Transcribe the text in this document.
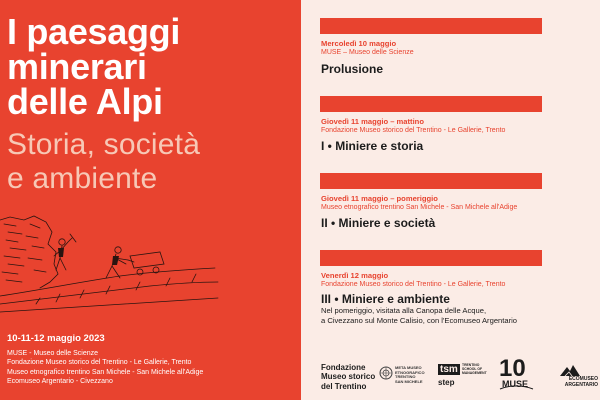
I paesaggi
minerari
delle Alpi
Storia, società
e ambiente
10-11-12 maggio 2023
MUSE - Museo delle Scienze
Fondazione Museo storico del Trentino - Le Gallerie, Trento
Museo etnografico trentino San Michele - San Michele all'Adige
Ecomuseo Argentario - Civezzano
Mercoledì 10 maggio
MUSE – Museo delle Scienze
Prolusione
Giovedì 11 maggio – mattino
Fondazione Museo storico del Trentino - Le Gallerie, Trento
I • Miniere e storia
Giovedì 11 maggio – pomeriggio
Museo etnografico trentino San Michele - San Michele all'Adige
II • Miniere e società
Venerdì 12 maggio
Fondazione Museo storico del Trentino - Le Gallerie, Trento
III • Miniere e ambiente
Nel pomeriggio, visitata alla Canopa delle Acque,
a Civezzano sul Monte Calisio, con l'Ecomuseo Argentario
Fondazione
Museo storico
del Trentino
META MUSEO
ETNOGRAFICO
TRENTINO
SAN MICHELE
tsm	TRENTINO
SCHOOL OF
MANAGEMENT
step
10
MUSE	ECOMUSEO
ARGENTARIO
